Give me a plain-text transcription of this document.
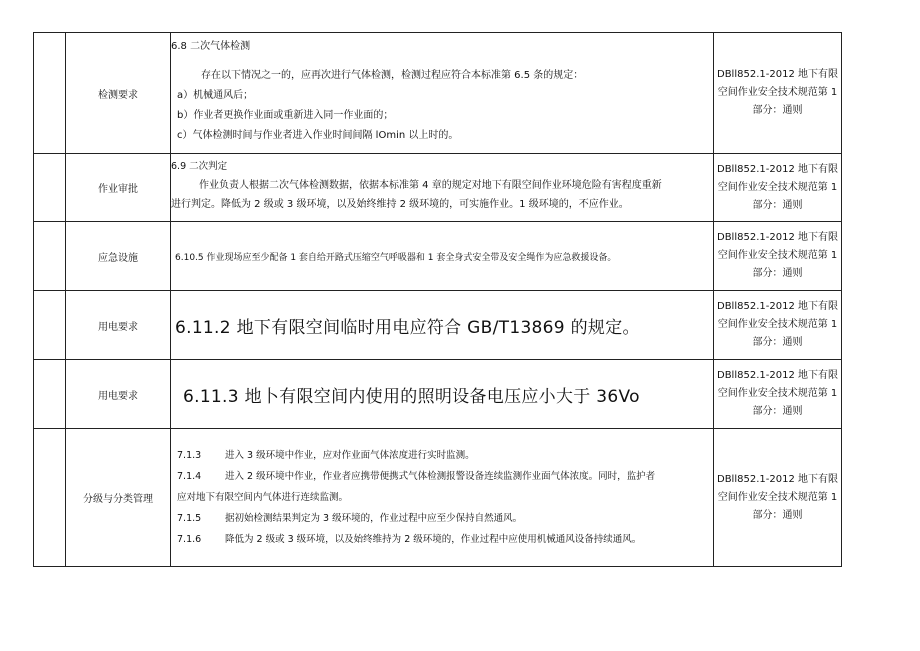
	检测要求	6.8 二次气体检测
存在以下情况之一的，应再次进行气体检测，检测过程应符合本标准第 6.5 条的规定：
a）机械通风后；
b）作业者更换作业面或重新进入同一作业面的；
c）气体检测时间与作业者进入作业时间间隔 lOmin 以上时的。	DBll852.1-2012 地下有限空间作业安全技术规范第 1 部分：通则
	作业审批	6.9 二次判定
作业负责人根据二次气体检测数据，依据本标准第 4 章的规定对地下有限空间作业环境危险有害程度重新
进行判定。降低为 2 级或 3 级环境，以及始终维持 2 级环境的，可实施作业。1 级环境的，不应作业。	DBll852.1-2012 地下有限空间作业安全技术规范第 1 部分：通则
	应急设施	6.10.5 作业现场应至少配备 1 套自给开路式压缩空气呼吸器和 1 套全身式安全带及安全绳作为应急救援设备。	DBll852.1-2012 地下有限空间作业安全技术规范第 1 部分：通则
	用电要求	6.11.2 地下有限空间临时用电应符合 GB/T13869 的规定。	DBll852.1-2012 地下有限空间作业安全技术规范第 1 部分：通则
	用电要求	6.11.3 地卜有限空间内使用的照明设备电压应小大于 36Vo	DBll852.1-2012 地下有限空间作业安全技术规范第 1 部分：通则
	分级与分类管理	7.1.3 进入 3 级环境中作业，应对作业面气体浓度进行实时监测。
7.1.4 进入 2 级环境中作业，作业者应携带便携式气体检测报警设备连续监测作业面气体浓度。同时，监护者
应对地下有限空间内气体进行连续监测。
7.1.5 据初始检测结果判定为 3 级环境的，作业过程中应至少保持自然通风。
7.1.6 降低为 2 级或 3 级环境，以及始终维持为 2 级环境的，作业过程中应使用机械通风设备持续通风。	DBll852.1-2012 地下有限空间作业安全技术规范第 1 部分：通则
